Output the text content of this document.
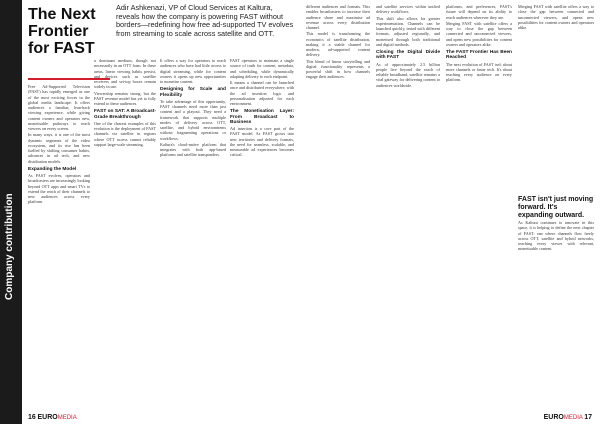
Company contribution
The Next Frontier for FAST

Adir Ashkenazi, VP of Cloud Services at Kaltura, reveals how the company is powering FAST without borders—redefining how free ad-supported TV evolves from streaming to scale across satellite and OTT.

Free Ad-Supported Television (FAST) has rapidly emerged as one of the most exciting forces in the global media landscape. It offers audiences a familiar, lean-back viewing experience, while giving content owners and operators new, monetisable pathways to reach viewers on every screen.

In many ways, it is one of the most dynamic segments of the video ecosystem, and its rise has been fuelled by shifting consumer habits, advances in ad tech, and new distribution models.

Expanding the Model

As FAST evolves, operators and broadcasters are increasingly looking beyond OTT apps and smart TVs to extend the reach of their channels to new audiences across every platform.

a dominant medium, though not necessarily in an OTT form. In these areas, linear viewing habits persist, and devices such as satellite receivers and set-top boxes remain widely in use.

Viewership remains strong, but the FAST revenue model has yet to fully extend to these audiences.

FAST on SAT: A Broadcast-Grade Breakthrough

One of the clearest examples of this evolution is the deployment of FAST channels via satellite in regions where OTT access cannot reliably support large-scale streaming.

It offers a way for operators to reach audiences who have had little access to digital streaming, while for content owners it opens up new opportunities to monetise content.

Designing for Scale and Flexibility

To take advantage of this opportunity, FAST channels need more than just content and a playout. They need a framework that supports multiple modes of delivery across OTT, satellite, and hybrid environments without fragmenting operations or workflows.

Kaltura's cloud-native platform that integrates with both app-based platforms and satellite transponders.

FAST operators to maintain a single source of truth for content, metadata, and scheduling, while dynamically adapting delivery to each endpoint.

It means a channel can be launched once and distributed everywhere, with the ad insertion logic and personalisation adjusted for each environment.

The Monetisation Layer: From Broadcast to Business

Ad insertion is a core part of the FAST model. As FAST grows into new territories and delivery formats, the need for seamless, scalable, and measurable ad experiences becomes critical.

16 EUROMEDIA

different audiences and formats. This enables broadcasters to increase their audience share and maximise ad revenue across every distribution channel.

This model is transforming the economics of satellite distribution, making it a viable channel for modern, ad-supported content delivery.

This blend of linear storytelling and digital functionality represents a powerful shift in how channels engage their audiences.

and satellite services within unified delivery workflows.

This shift also allows for greater experimentation. Channels can be launched quickly, tested with different formats, adjusted regionally, and monetised through both traditional and digital methods.

Closing the Digital Divide with FAST

As of approximately 2.5 billion people live beyond the reach of reliable broadband, satellite remains a vital gateway for delivering content to audiences worldwide.

platforms, and preferences, FAST's future will depend on its ability to reach audiences wherever they are.

Merging FAST with satellite offers a way to close the gap between connected and unconnected viewers, and opens new possibilities for content owners and operators alike.

The FAST Frontier Has Been Reached

The next evolution of FAST isn't about more channels or faster tech. It's about reaching every audience on every platform.

Merging FAST with satellite offers a way to close the gap between connected and unconnected viewers, and opens new possibilities for content owners and operators alike.

FAST isn't just moving forward. It's expanding outward.

As Kaltura continues to innovate in this space, it is helping to define the next chapter of FAST: one where channels flow freely across OTT, satellite and hybrid networks, reaching every viewer with relevant, monetisable content.

EUROMEDIA 17
